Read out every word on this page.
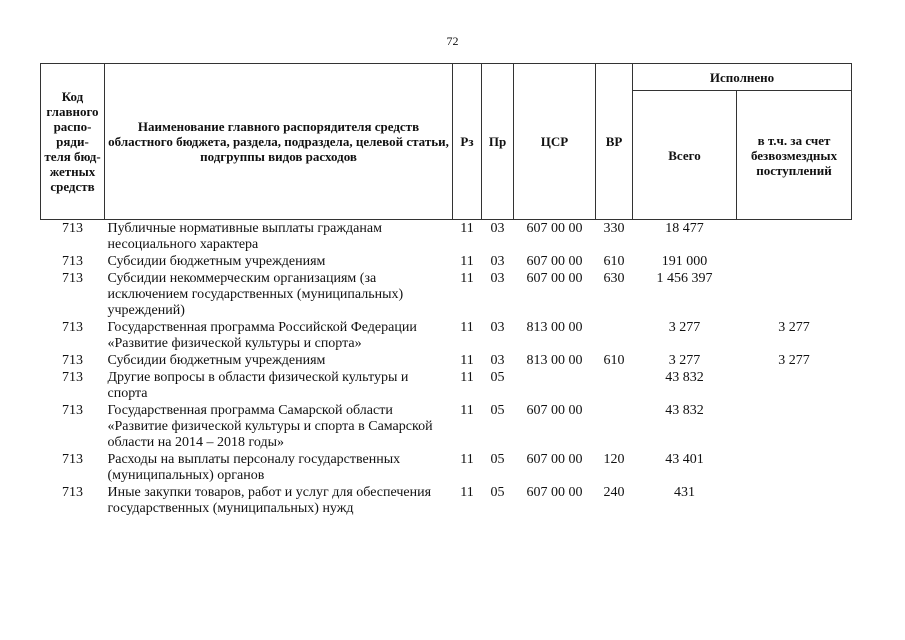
72
Код главного распо-ряди-теля бюд-жетных средств	Наименование главного распорядителя средств областного бюджета, раздела, подраздела, целевой статьи, подгруппы видов расходов	Рз	Пр	ЦСР	ВР	Исполнено	
						Всего	в т.ч. за счет безвозмездных поступлений
713	Публичные нормативные выплаты гражданам несоциального характера	11	03	607 00 00	330	18 477	
713	Субсидии бюджетным учреждениям	11	03	607 00 00	610	191 000	
713	Субсидии некоммерческим организациям (за исключением государственных (муниципальных) учреждений)	11	03	607 00 00	630	1 456 397	
713	Государственная программа Российской Федерации «Развитие физической культуры и спорта»	11	03	813 00 00		3 277	3 277
713	Субсидии бюджетным учреждениям	11	03	813 00 00	610	3 277	3 277
713	Другие вопросы в области физической культуры и спорта	11	05			43 832	
713	Государственная программа Самарской области «Развитие физической культуры и спорта в Самарской области на 2014 – 2018 годы»	11	05	607 00 00		43 832	
713	Расходы на выплаты персоналу государственных (муниципальных) органов	11	05	607 00 00	120	43 401	
713	Иные закупки товаров, работ и услуг для обеспечения государственных (муниципальных) нужд	11	05	607 00 00	240	431	
